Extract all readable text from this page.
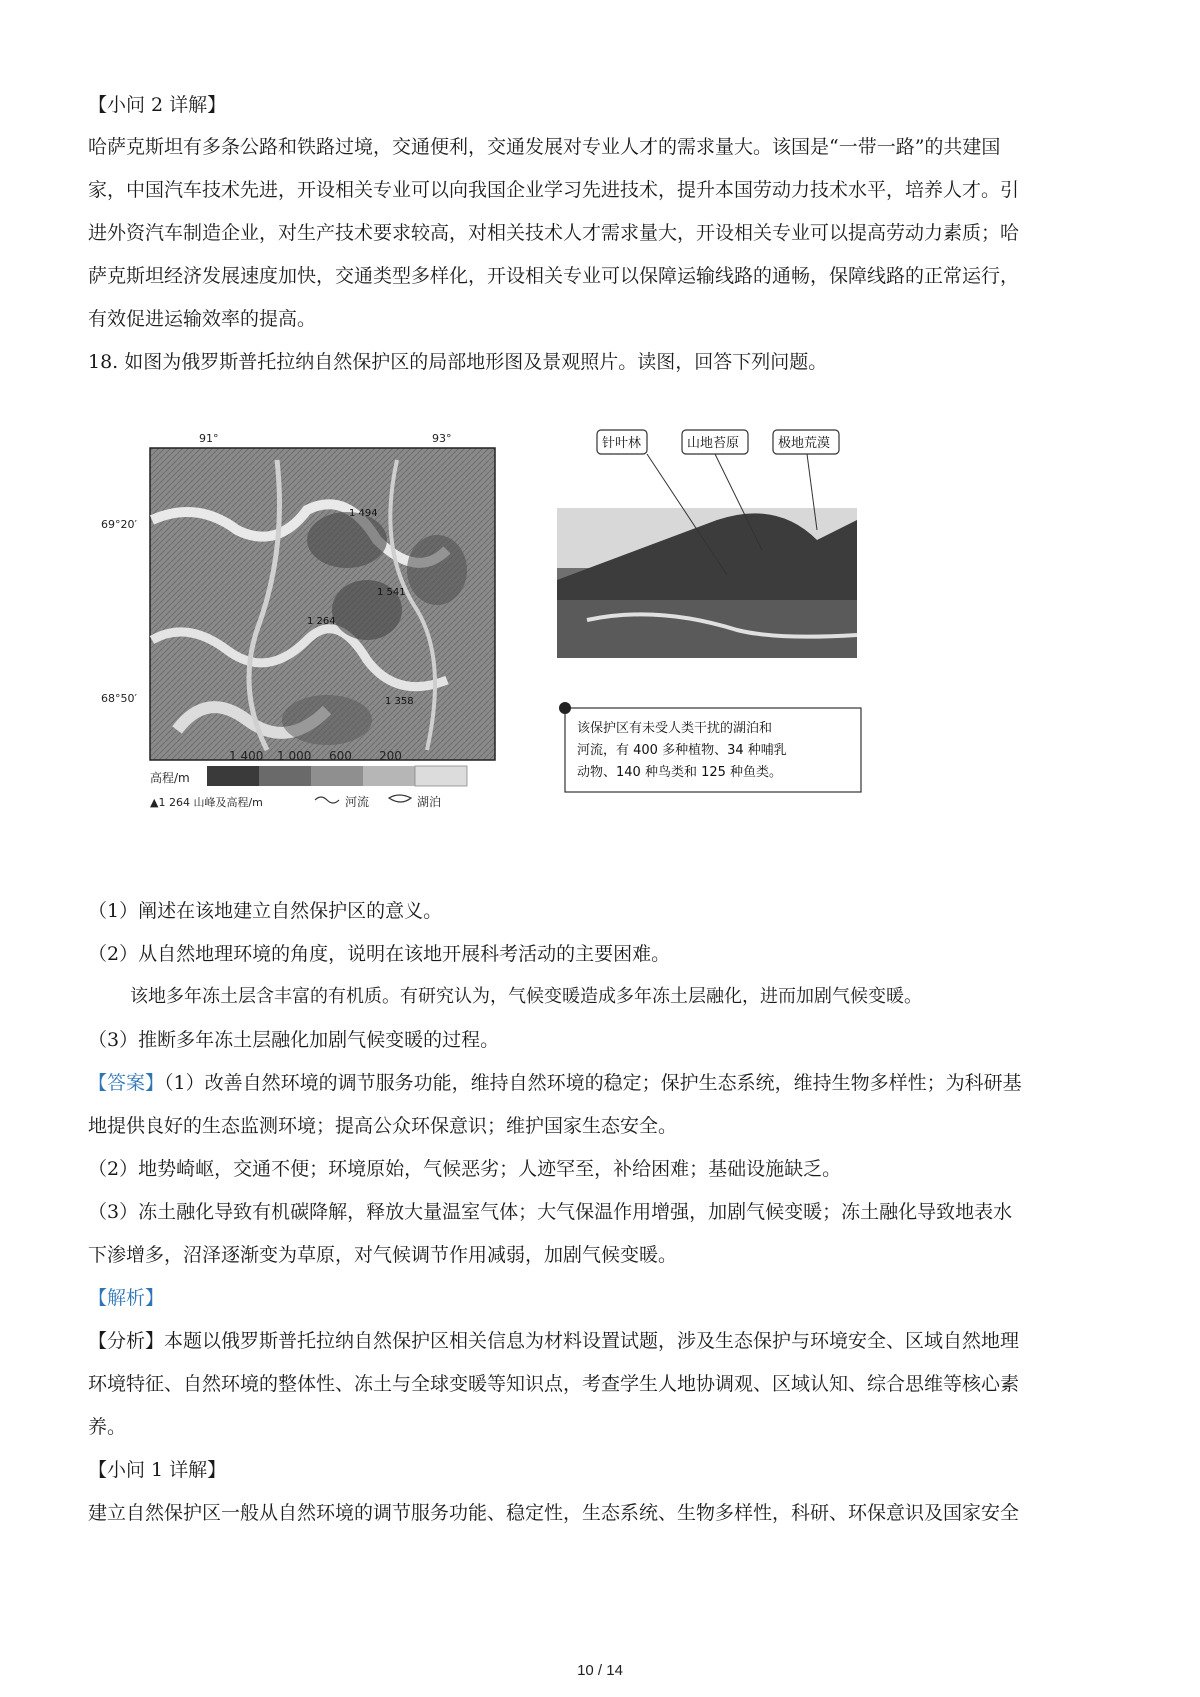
【小问 2 详解】
哈萨克斯坦有多条公路和铁路过境，交通便利，交通发展对专业人才的需求量大。该国是“一带一路”的共建国
家，中国汽车技术先进，开设相关专业可以向我国企业学习先进技术，提升本国劳动力技术水平，培养人才。引
进外资汽车制造企业，对生产技术要求较高，对相关技术人才需求量大，开设相关专业可以提高劳动力素质；哈
萨克斯坦经济发展速度加快，交通类型多样化，开设相关专业可以保障运输线路的通畅，保障线路的正常运行，
有效促进运输效率的提高。
18. 如图为俄罗斯普托拉纳自然保护区的局部地形图及景观照片。读图，回答下列问题。
91°	93°
69°20′
68°50′
1 494
1 541
1 264
1 358
1 400 1 000 600 200
高程/m
▲1 264 山峰及高程/m	河流	湖泊
针叶林	山地苔原	极地荒漠
该保护区有未受人类干扰的湖泊和
河流，有 400 多种植物、34 种哺乳
动物、140 种鸟类和 125 种鱼类。
（1）阐述在该地建立自然保护区的意义。
（2）从自然地理环境的角度，说明在该地开展科考活动的主要困难。
该地多年冻土层含丰富的有机质。有研究认为，气候变暖造成多年冻土层融化，进而加剧气候变暖。
（3）推断多年冻土层融化加剧气候变暖的过程。
【答案】（1）改善自然环境的调节服务功能，维持自然环境的稳定；保护生态系统，维持生物多样性；为科研基
地提供良好的生态监测环境；提高公众环保意识；维护国家生态安全。
（2）地势崎岖，交通不便；环境原始，气候恶劣；人迹罕至，补给困难；基础设施缺乏。
（3）冻土融化导致有机碳降解，释放大量温室气体；大气保温作用增强，加剧气候变暖；冻土融化导致地表水
下渗增多，沼泽逐渐变为草原，对气候调节作用减弱，加剧气候变暖。
【解析】
【分析】本题以俄罗斯普托拉纳自然保护区相关信息为材料设置试题，涉及生态保护与环境安全、区域自然地理
环境特征、自然环境的整体性、冻土与全球变暖等知识点，考查学生人地协调观、区域认知、综合思维等核心素
养。
【小问 1 详解】
建立自然保护区一般从自然环境的调节服务功能、稳定性，生态系统、生物多样性，科研、环保意识及国家安全
10 / 14
